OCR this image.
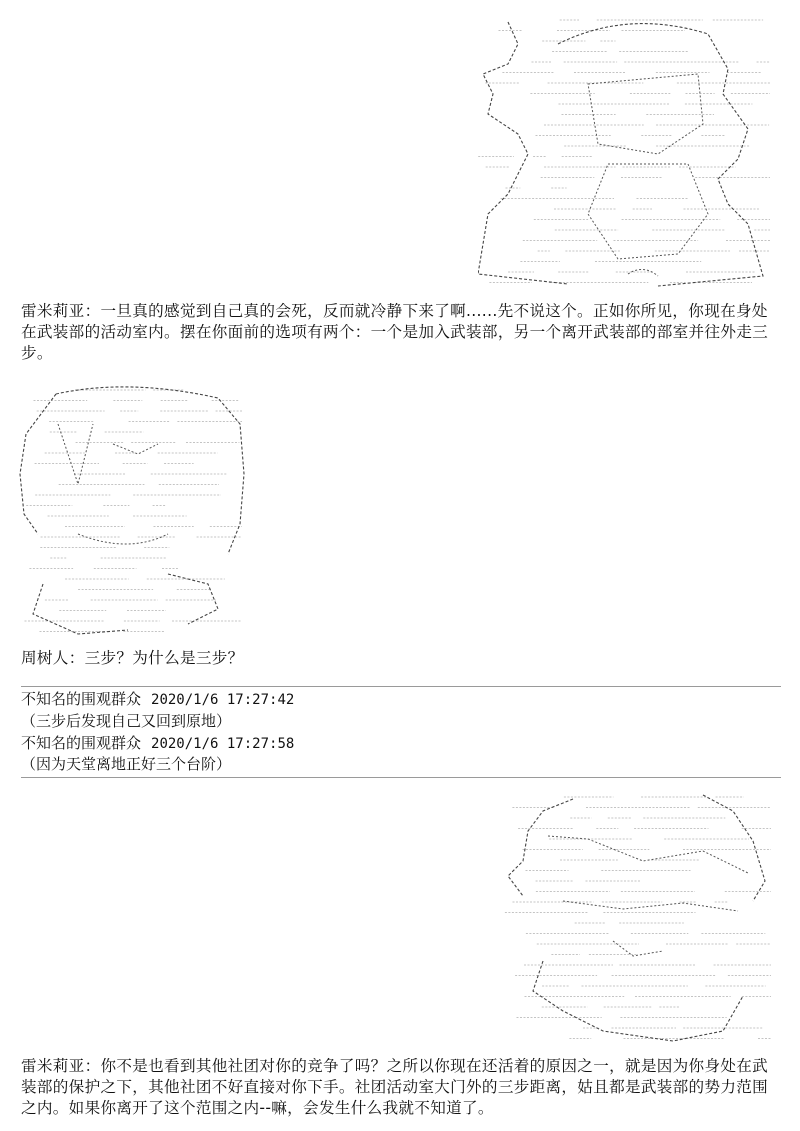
雷米莉亚：一旦真的感觉到自己真的会死，反而就冷静下来了啊......先不说这个。正如你所见，你现在身处在武装部的活动室内。摆在你面前的选项有两个：一个是加入武装部，另一个离开武装部的部室并往外走三步。

周树人：三步？为什么是三步？

不知名的围观群众 2020/1/6 17:27:42
（三步后发现自己又回到原地）
不知名的围观群众 2020/1/6 17:27:58
（因为天堂离地正好三个台阶）

雷米莉亚：你不是也看到其他社团对你的竞争了吗？之所以你现在还活着的原因之一，就是因为你身处在武装部的保护之下，其他社团不好直接对你下手。社团活动室大门外的三步距离，姑且都是武装部的势力范围之内。如果你离开了这个范围之内--嘛，会发生什么我就不知道了。
